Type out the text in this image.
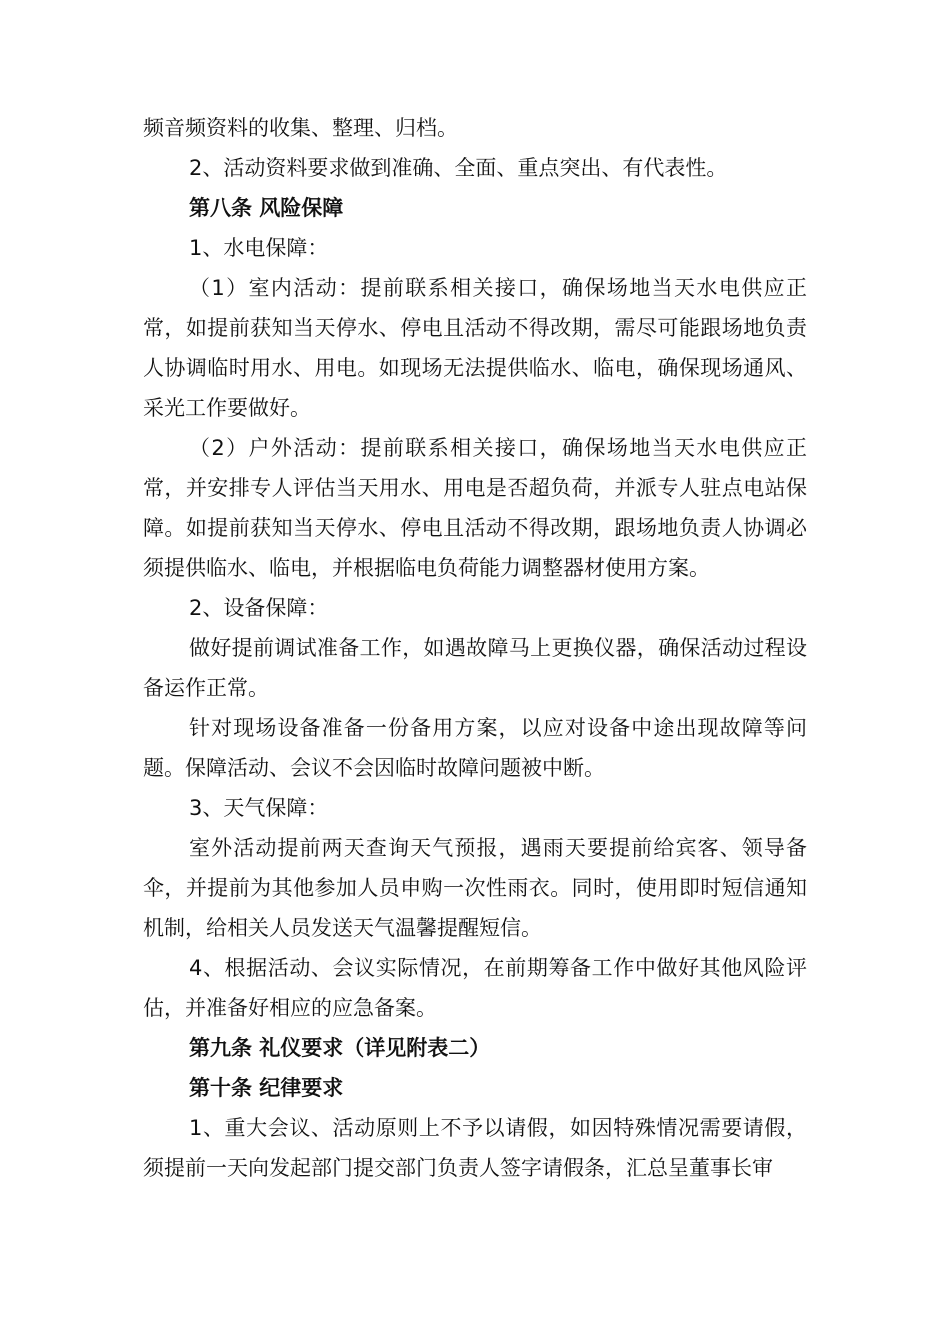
频音频资料的收集、整理、归档。

2、活动资料要求做到准确、全面、重点突出、有代表性。

第八条 风险保障

1、水电保障：

（1）室内活动：提前联系相关接口，确保场地当天水电供应正常，如提前获知当天停水、停电且活动不得改期，需尽可能跟场地负责人协调临时用水、用电。如现场无法提供临水、临电，确保现场通风、采光工作要做好。

（2）户外活动：提前联系相关接口，确保场地当天水电供应正常，并安排专人评估当天用水、用电是否超负荷，并派专人驻点电站保障。如提前获知当天停水、停电且活动不得改期，跟场地负责人协调必须提供临水、临电，并根据临电负荷能力调整器材使用方案。

2、设备保障：

做好提前调试准备工作，如遇故障马上更换仪器，确保活动过程设备运作正常。

针对现场设备准备一份备用方案，以应对设备中途出现故障等问题。保障活动、会议不会因临时故障问题被中断。

3、天气保障：

室外活动提前两天查询天气预报，遇雨天要提前给宾客、领导备伞，并提前为其他参加人员申购一次性雨衣。同时，使用即时短信通知机制，给相关人员发送天气温馨提醒短信。

4、根据活动、会议实际情况，在前期筹备工作中做好其他风险评估，并准备好相应的应急备案。

第九条 礼仪要求（详见附表二）

第十条 纪律要求

1、重大会议、活动原则上不予以请假，如因特殊情况需要请假，须提前一天向发起部门提交部门负责人签字请假条，汇总呈董事长审
